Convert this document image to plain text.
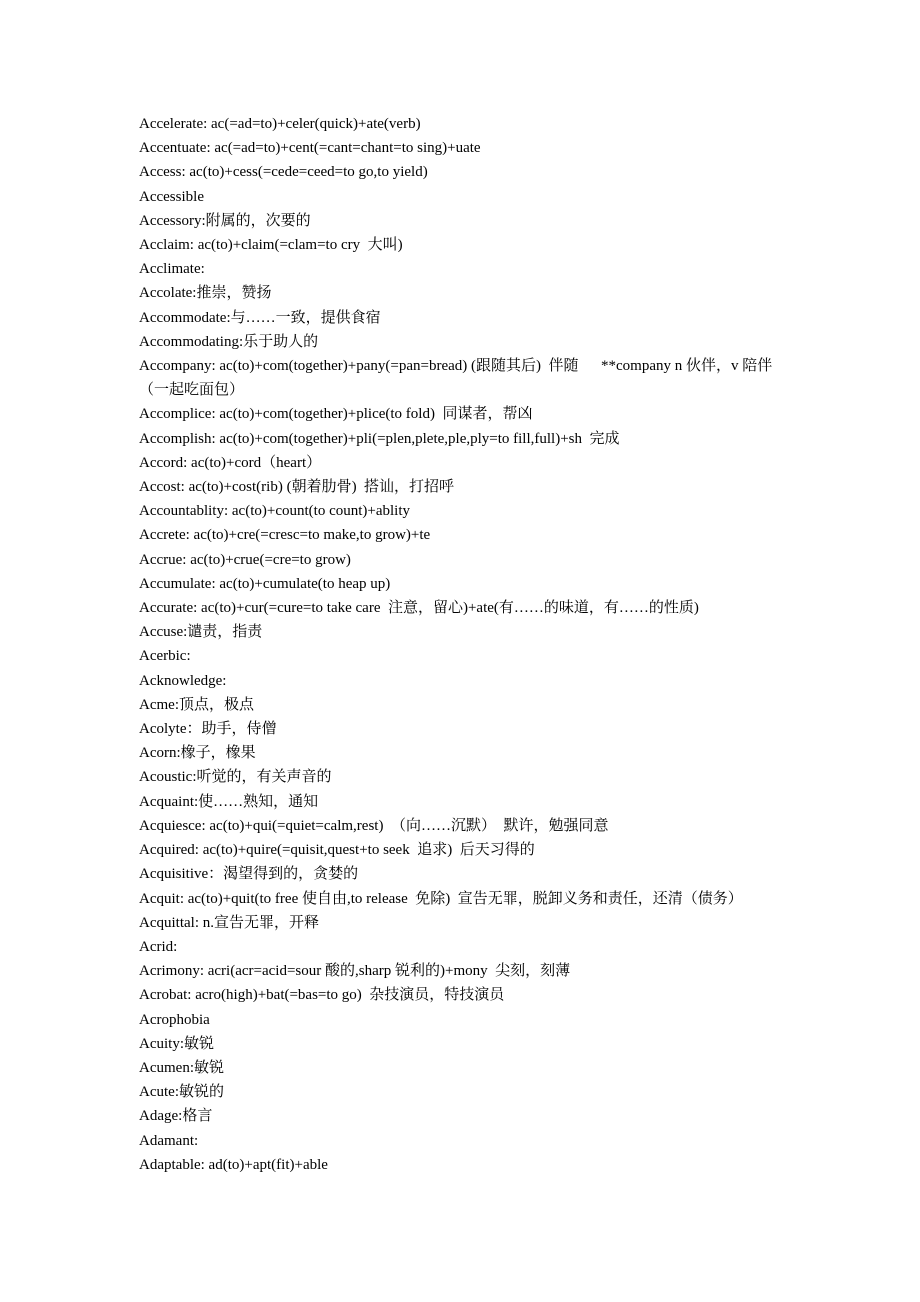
Accelerate: ac(=ad=to)+celer(quick)+ate(verb)

Accentuate: ac(=ad=to)+cent(=cant=chant=to sing)+uate

Access: ac(to)+cess(=cede=ceed=to go,to yield)

Accessible

Accessory:附属的，次要的

Acclaim: ac(to)+claim(=clam=to cry  大叫)

Acclimate:

Accolate:推崇，赞扬

Accommodate:与……一致，提供食宿

Accommodating:乐于助人的

Accompany: ac(to)+com(together)+pany(=pan=bread) (跟随其后)  伴随      **company n 伙伴，v 陪伴（一起吃面包）

Accomplice: ac(to)+com(together)+plice(to fold)  同谋者，帮凶

Accomplish: ac(to)+com(together)+pli(=plen,plete,ple,ply=to fill,full)+sh  完成

Accord: ac(to)+cord（heart）

Accost: ac(to)+cost(rib) (朝着肋骨)  搭讪，打招呼

Accountablity: ac(to)+count(to count)+ablity

Accrete: ac(to)+cre(=cresc=to make,to grow)+te

Accrue: ac(to)+crue(=cre=to grow)

Accumulate: ac(to)+cumulate(to heap up)

Accurate: ac(to)+cur(=cure=to take care  注意，留心)+ate(有……的味道，有……的性质)

Accuse:谴责，指责

Acerbic:

Acknowledge:

Acme:顶点，极点

Acolyte：助手，侍僧

Acorn:橡子，橡果

Acoustic:听觉的，有关声音的

Acquaint:使……熟知，通知

Acquiesce: ac(to)+qui(=quiet=calm,rest)  （向……沉默）  默许，勉强同意

Acquired: ac(to)+quire(=quisit,quest+to seek  追求)  后天习得的

Acquisitive：渴望得到的，贪婪的

Acquit: ac(to)+quit(to free 使自由,to release  免除)  宣告无罪，脱卸义务和责任，还清（债务）

Acquittal: n.宣告无罪，开释

Acrid:

Acrimony: acri(acr=acid=sour 酸的,sharp 锐利的)+mony  尖刻，刻薄

Acrobat: acro(high)+bat(=bas=to go)  杂技演员，特技演员

Acrophobia

Acuity:敏锐

Acumen:敏锐

Acute:敏锐的

Adage:格言

Adamant:

Adaptable: ad(to)+apt(fit)+able
